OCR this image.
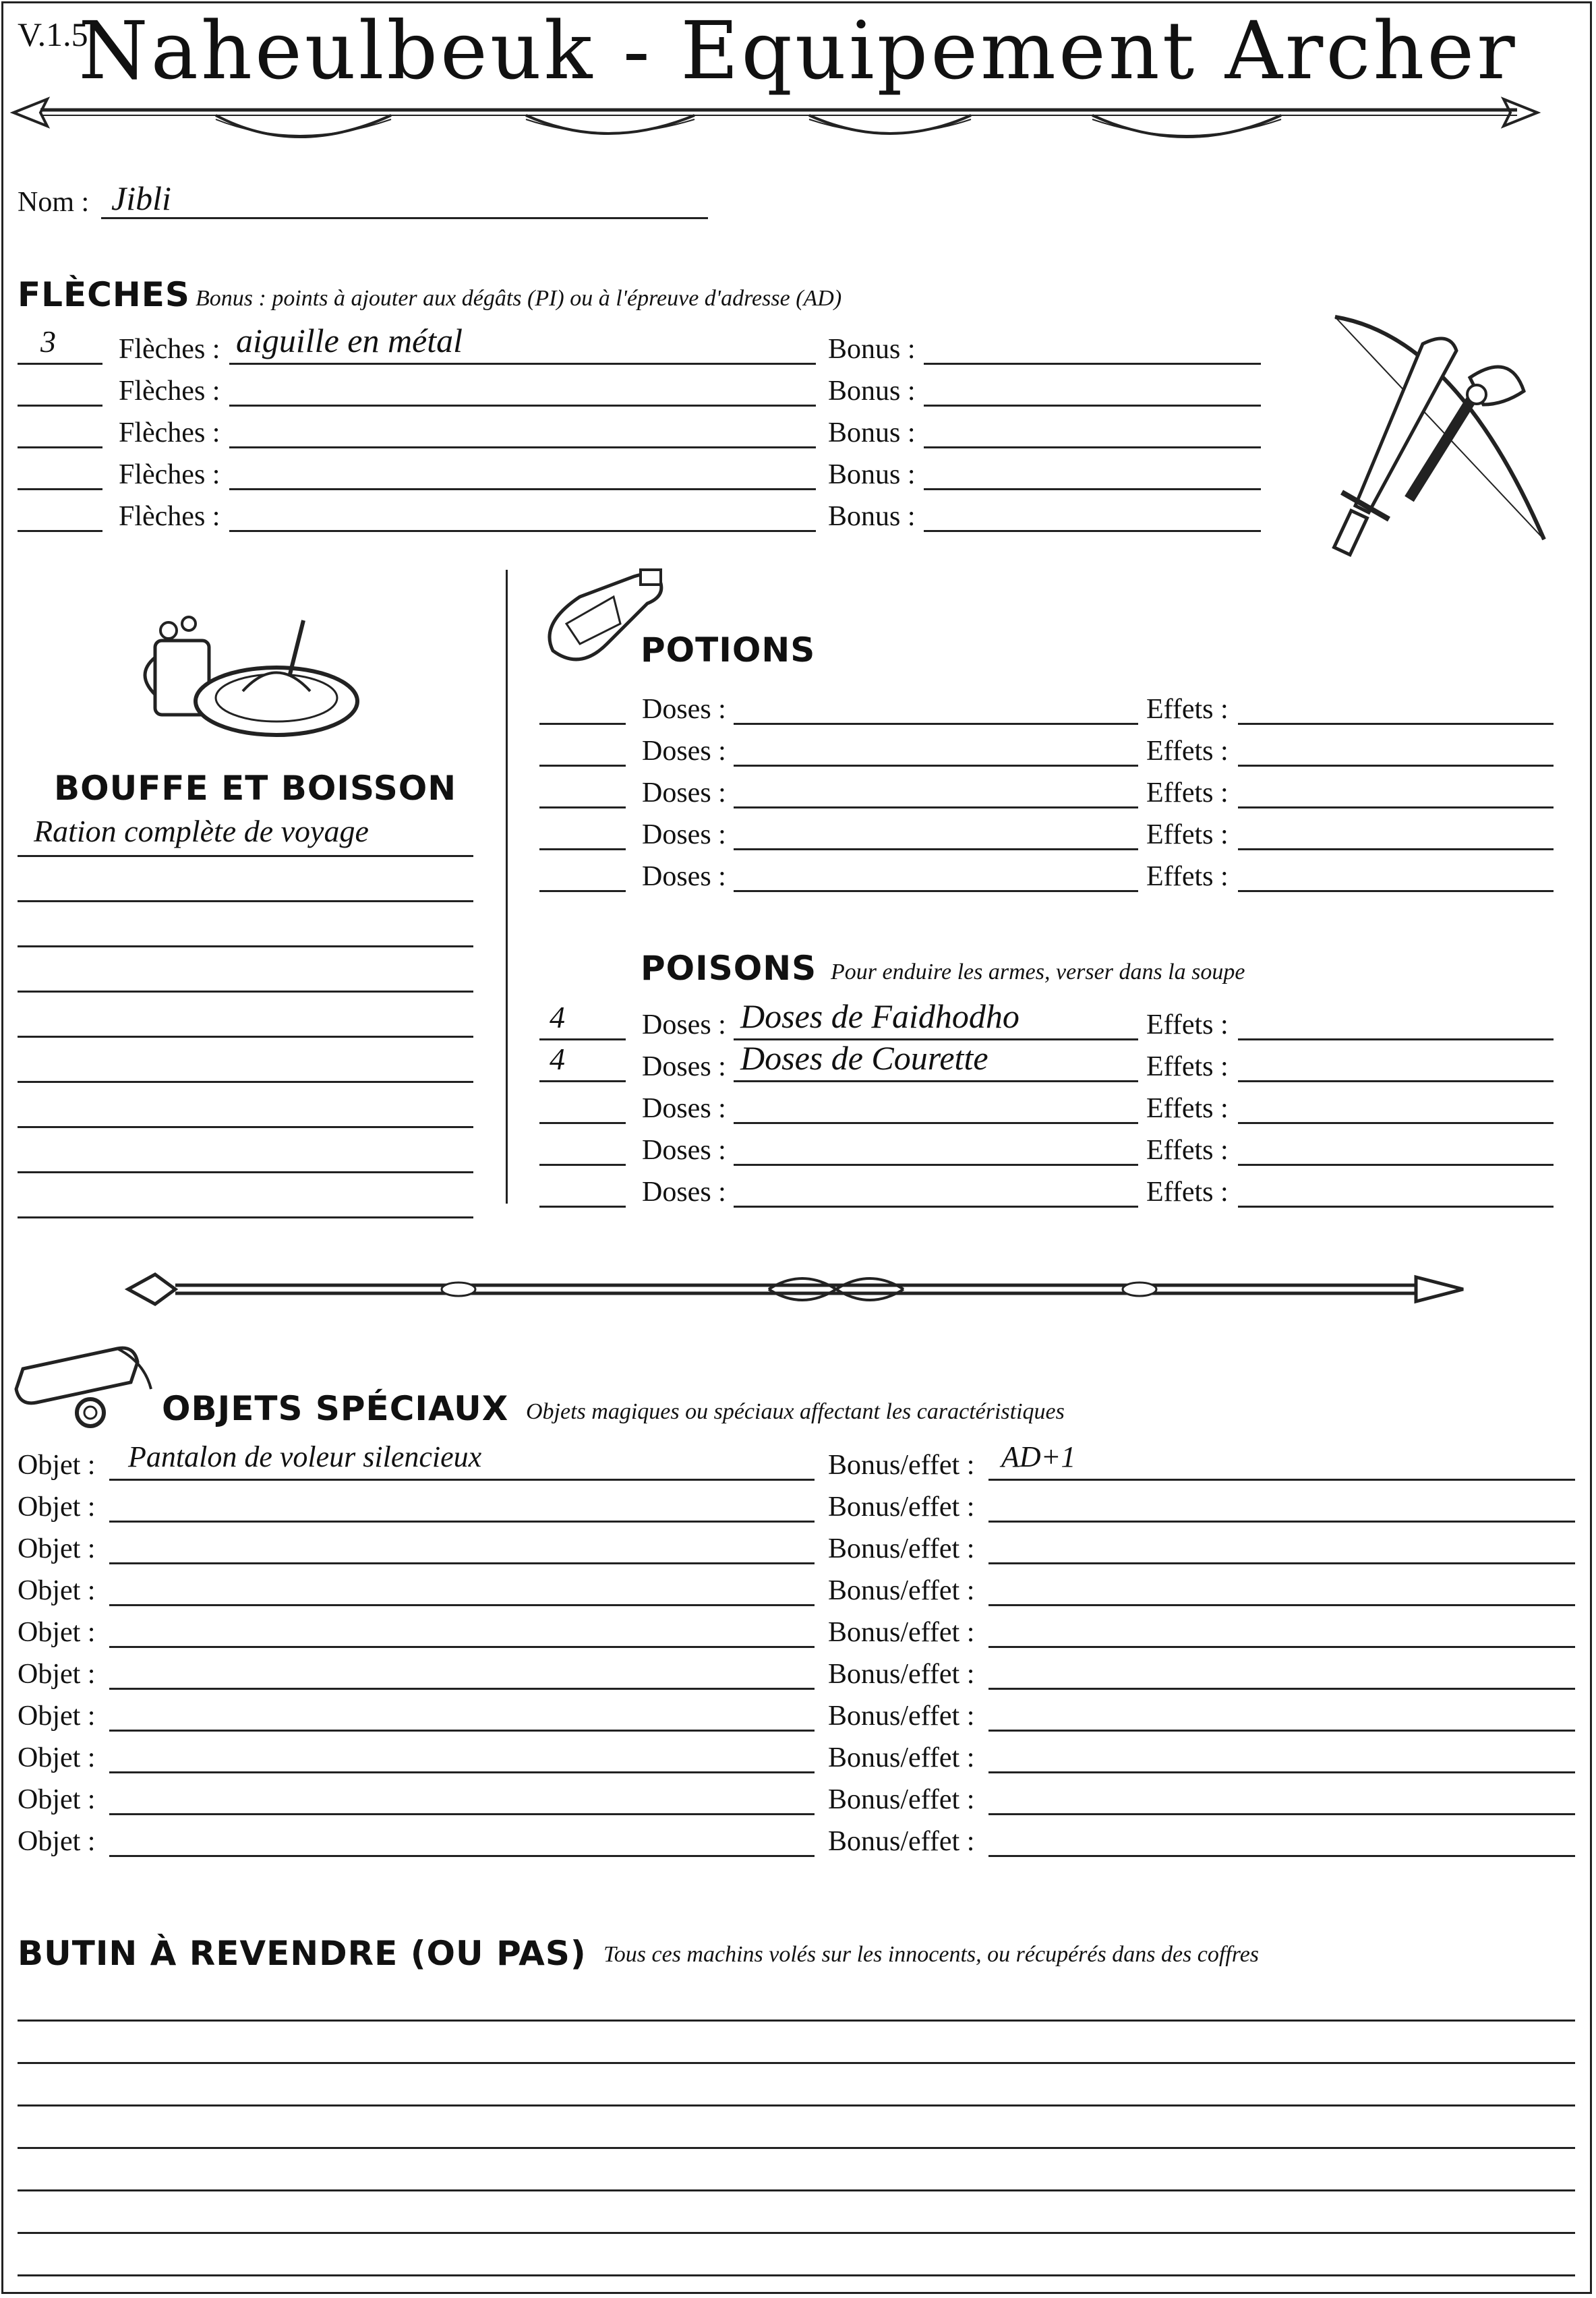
V.1.5
Naheulbeuk - Equipement Archer
Nom : Jibli
FLÈCHES Bonus : points à ajouter aux dégâts (PI) ou à l'épreuve d'adresse (AD)
3 Flèches : aiguille en métal	Bonus :
Flèches :	Bonus :
Flèches :	Bonus :
Flèches :	Bonus :
Flèches :	Bonus :
BOUFFE ET BOISSON
Ration complète de voyage
POTIONS
Doses :	Effets :
Doses :	Effets :
Doses :	Effets :
Doses :	Effets :
Doses :	Effets :
POISONS Pour enduire les armes, verser dans la soupe
4	Doses : Doses de Faidhodho	Effets :
4	Doses : Doses de Courette	Effets :
Doses :	Effets :
Doses :	Effets :
Doses :	Effets :
OBJETS SPÉCIAUX Objets magiques ou spéciaux affectant les caractéristiques
Objet : Pantalon de voleur silencieux	Bonus/effet : AD+1
Objet :	Bonus/effet :
Objet :	Bonus/effet :
Objet :	Bonus/effet :
Objet :	Bonus/effet :
Objet :	Bonus/effet :
Objet :	Bonus/effet :
Objet :	Bonus/effet :
Objet :	Bonus/effet :
Objet :	Bonus/effet :
BUTIN À REVENDRE (OU PAS) Tous ces machins volés sur les innocents, ou récupérés dans des coffres
